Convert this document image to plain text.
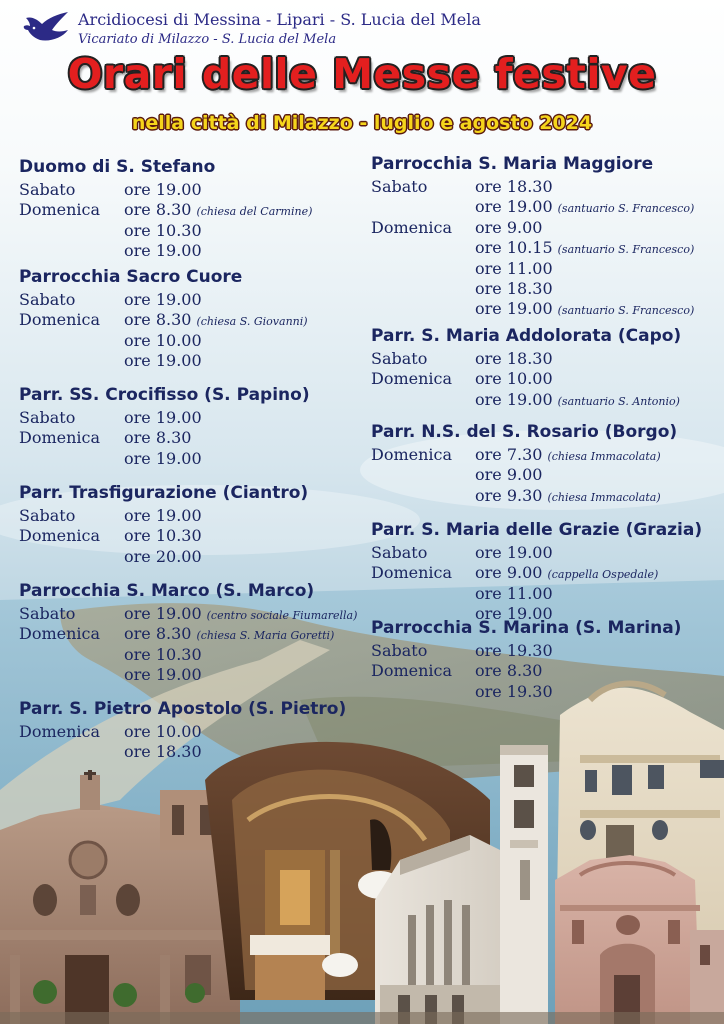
Arcidiocesi di Messina - Lipari - S. Lucia del Mela
Vicariato di Milazzo - S. Lucia del Mela
Orari delle Messe festive
nella città di Milazzo - luglio e agosto 2024
Duomo di S. Stefano
Sabato	ore 19.00
Domenica ore 8.30 (chiesa del Carmine)
ore 10.30
ore 19.00
Parrocchia Sacro Cuore
Sabato	ore 19.00
Domenica ore 8.30 (chiesa S. Giovanni)
ore 10.00
ore 19.00
Parr. SS. Crocifisso (S. Papino)
Sabato	ore 19.00
Domenica ore 8.30
ore 19.00
Parr. Trasfigurazione (Ciantro)
Sabato	ore 19.00
Domenica ore 10.30
ore 20.00
Parrocchia S. Marco (S. Marco)
Sabato	ore 19.00 (centro sociale Fiumarella)
Domenica ore 8.30 (chiesa S. Maria Goretti)
ore 10.30
ore 19.00
Parr. S. Pietro Apostolo (S. Pietro)
Domenica ore 10.00
ore 18.30
Parrocchia S. Maria Maggiore
Sabato	ore 18.30
ore 19.00 (santuario S. Francesco)
Domenica ore 9.00
ore 10.15 (santuario S. Francesco)
ore 11.00
ore 18.30
ore 19.00 (santuario S. Francesco)
Parr. S. Maria Addolorata (Capo)
Sabato	ore 18.30
Domenica ore 10.00
ore 19.00 (santuario S. Antonio)
Parr. N.S. del S. Rosario (Borgo)
Domenica ore 7.30 (chiesa Immacolata)
ore 9.00
ore 9.30 (chiesa Immacolata)
Parr. S. Maria delle Grazie (Grazia)
Sabato	ore 19.00
Domenica ore 9.00 (cappella Ospedale)
ore 11.00
ore 19.00
Parrocchia S. Marina (S. Marina)
Sabato	ore 19.30
Domenica ore 8.30
ore 19.30
